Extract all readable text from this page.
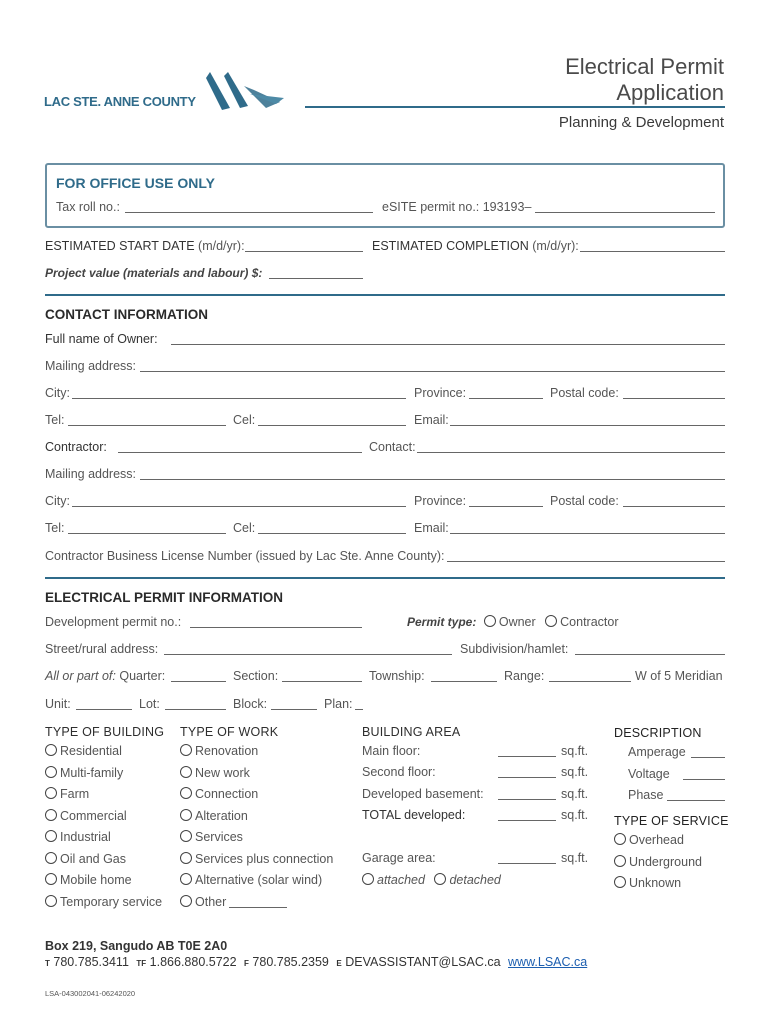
LAC STE. ANNE COUNTY
Electrical Permit
Application
Planning & Development
FOR OFFICE USE ONLY
Tax roll no.:	eSITE permit no.: 193193–
ESTIMATED START DATE (m/d/yr):	ESTIMATED COMPLETION (m/d/yr):
Project value (materials and labour) $:
CONTACT INFORMATION
Full name of Owner:
Mailing address:
City:	Province:	Postal code:
Tel:	Cel:	Email:
Contractor:	Contact:
Mailing address:
City:	Province:	Postal code:
Tel:	Cel:	Email:
Contractor Business License Number (issued by Lac Ste. Anne County):
ELECTRICAL PERMIT INFORMATION
Development permit no.:	Permit type: Owner Contractor
Street/rural address:	Subdivision/hamlet:
All or part of: Quarter:	Section:	Township:	Range:	W of 5 Meridian
Unit:	Lot:	Block:	Plan:
TYPE OF BUILDING
Residential
Multi-family
Farm
Commercial
Industrial
Oil and Gas
Mobile home
Temporary service
TYPE OF WORK
Renovation
New work
Connection
Alteration
Services
Services plus connection
Alternative (solar wind)
Other
BUILDING AREA
Main floor:	sq.ft.
Second floor:	sq.ft.
Developed basement:	sq.ft.
TOTAL developed:	sq.ft.
Garage area:	sq.ft.
attached detached
DESCRIPTION
Amperage
Voltage
Phase
TYPE OF SERVICE
Overhead
Underground
Unknown
Box 219, Sangudo AB T0E 2A0
T 780.785.3411 TF 1.866.880.5722 F 780.785.2359 E DEVASSISTANT@LSAC.ca www.LSAC.ca
LSA-043002041-06242020
